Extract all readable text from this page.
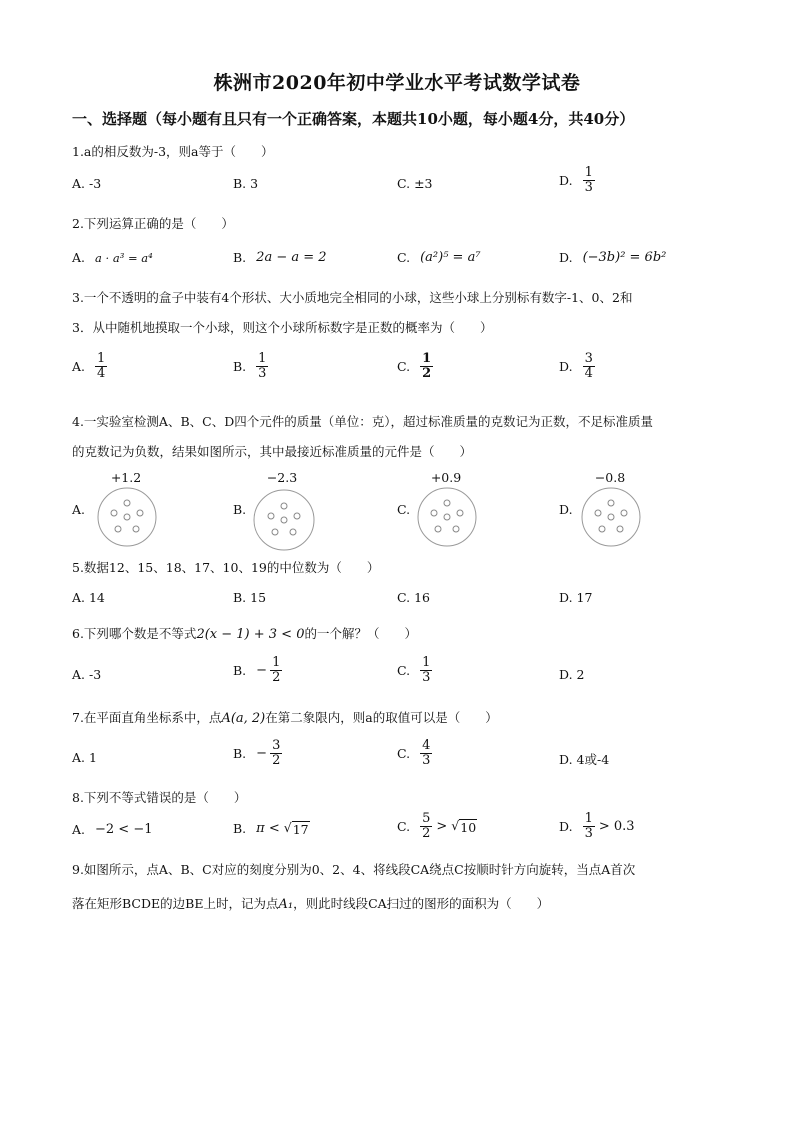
株洲市2020年初中学业水平考试数学试卷
一、选择题（每小题有且只有一个正确答案，本题共10小题，每小题4分，共40分）
1.a的相反数为-3，则a等于（　　）
A. -3	B. 3	C. ±3	D. $\frac{1}{3}$
2.下列运算正确的是（　　）
A. a · a³ = a⁴	B. 2a − a = 2	C. (a²)⁵ = a⁷	D. (−3b)² = 6b²
3.一个不透明的盒子中装有4个形状、大小质地完全相同的小球，这些小球上分别标有数字-1、0、2和
3．从中随机地摸取一个小球，则这个小球所标数字是正数的概率为（　　）
A. $\frac{1}{4}$	B. $\frac{1}{3}$	C. $\frac{1}{2}$	D. $\frac{3}{4}$
4.一实验室检测A、B、C、D四个元件的质量（单位：克），超过标准质量的克数记为正数，不足标准质量
的克数记为负数，结果如图所示，其中最接近标准质量的元件是（　　）
+1.2	−2.3	+0.9	−0.8
A.	B.	C.	D.
5.数据12、15、18、17、10、19的中位数为（　　）
A. 14	B. 15	C. 16	D. 17
6.下列哪个数是不等式2(x − 1) + 3 < 0的一个解？（　　）
A. -3	B. − $\frac{1}{2}$	C. $\frac{1}{3}$	D. 2
7.在平面直角坐标系中，点A(a, 2)在第二象限内，则a的取值可以是（　　）
A. 1	B. − $\frac{3}{2}$	C. $\frac{4}{3}$	D. 4或-4
8.下列不等式错误的是（　　）
A. −2 < −1	B. π < √ 17	C. $\frac{5}{2}$ > √ 10	D. $\frac{1}{3} > 0.3$
9.如图所示，点A、B、C对应的刻度分别为0、2、4、将线段CA绕点C按顺时针方向旋转，当点A首次
落在矩形BCDE的边BE上时，记为点A₁，则此时线段CA扫过的图形的面积为（　　）
